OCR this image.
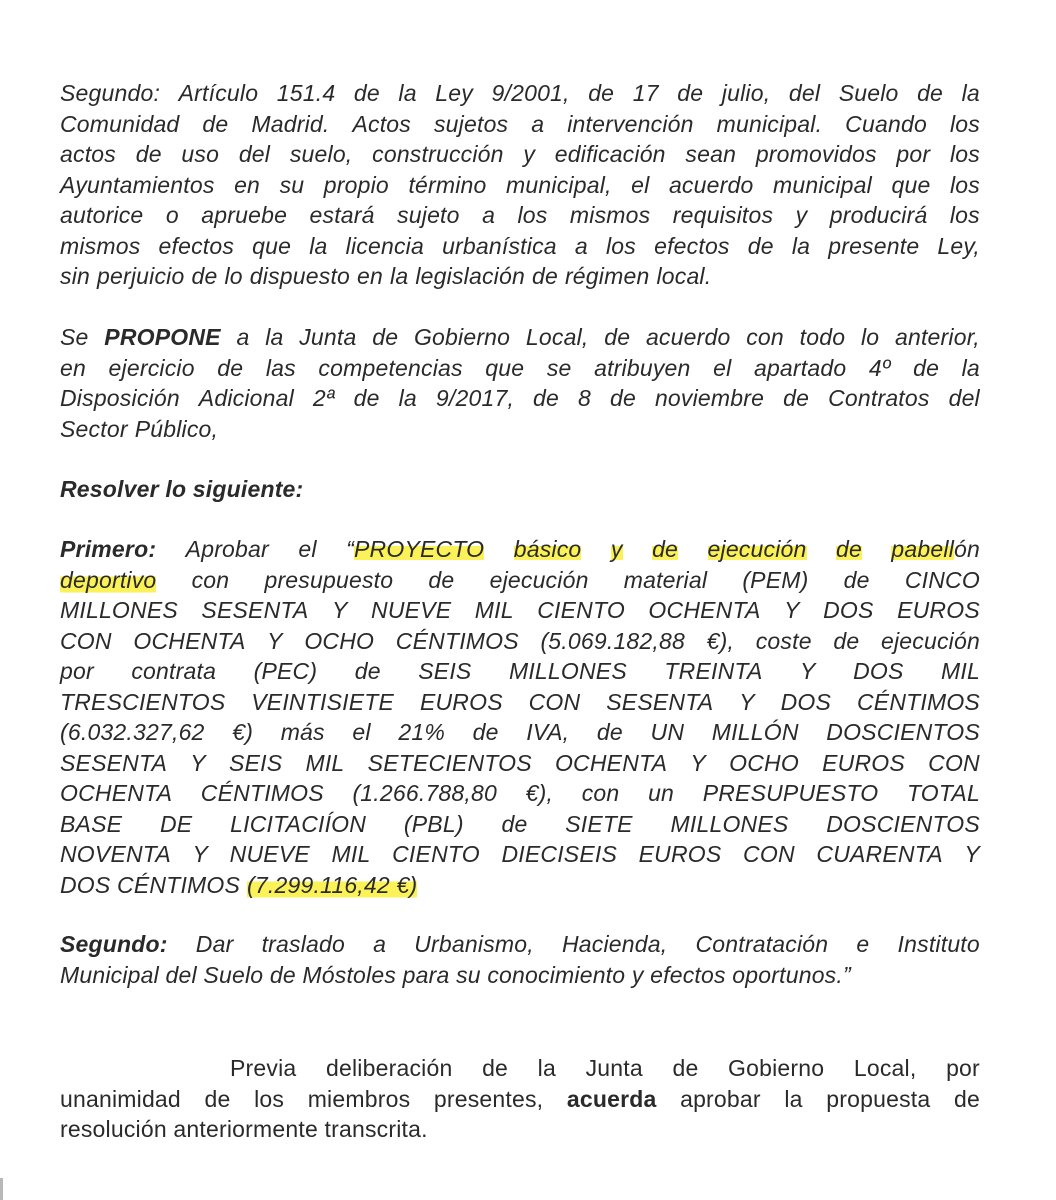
Segundo: Artículo 151.4 de la Ley 9/2001, de 17 de julio, del Suelo de la
Comunidad de Madrid. Actos sujetos a intervención municipal. Cuando los
actos de uso del suelo, construcción y edificación sean promovidos por los
Ayuntamientos en su propio término municipal, el acuerdo municipal que los
autorice o apruebe estará sujeto a los mismos requisitos y producirá los
mismos efectos que la licencia urbanística a los efectos de la presente Ley,
sin perjuicio de lo dispuesto en la legislación de régimen local.
Se PROPONE a la Junta de Gobierno Local, de acuerdo con todo lo anterior,
en ejercicio de las competencias que se atribuyen el apartado 4º de la
Disposición Adicional 2ª de la 9/2017, de 8 de noviembre de Contratos del
Sector Público,
Resolver lo siguiente:
Primero: Aprobar el “PROYECTO básico y de ejecución de pabellón
deportivo con presupuesto de ejecución material (PEM) de CINCO
MILLONES SESENTA Y NUEVE MIL CIENTO OCHENTA Y DOS EUROS
CON OCHENTA Y OCHO CÉNTIMOS (5.069.182,88 €), coste de ejecución
por contrata (PEC) de SEIS MILLONES TREINTA Y DOS MIL
TRESCIENTOS VEINTISIETE EUROS CON SESENTA Y DOS CÉNTIMOS
(6.032.327,62 €) más el 21% de IVA, de UN MILLÓN DOSCIENTOS
SESENTA Y SEIS MIL SETECIENTOS OCHENTA Y OCHO EUROS CON
OCHENTA CÉNTIMOS (1.266.788,80 €), con un PRESUPUESTO TOTAL
BASE DE LICITACIÍON (PBL) de SIETE MILLONES DOSCIENTOS
NOVENTA Y NUEVE MIL CIENTO DIECISEIS EUROS CON CUARENTA Y
DOS CÉNTIMOS (7.299.116,42 €)
Segundo: Dar traslado a Urbanismo, Hacienda, Contratación e Instituto
Municipal del Suelo de Móstoles para su conocimiento y efectos oportunos.”
Previa deliberación de la Junta de Gobierno Local, por
unanimidad de los miembros presentes, acuerda aprobar la propuesta de
resolución anteriormente transcrita.
